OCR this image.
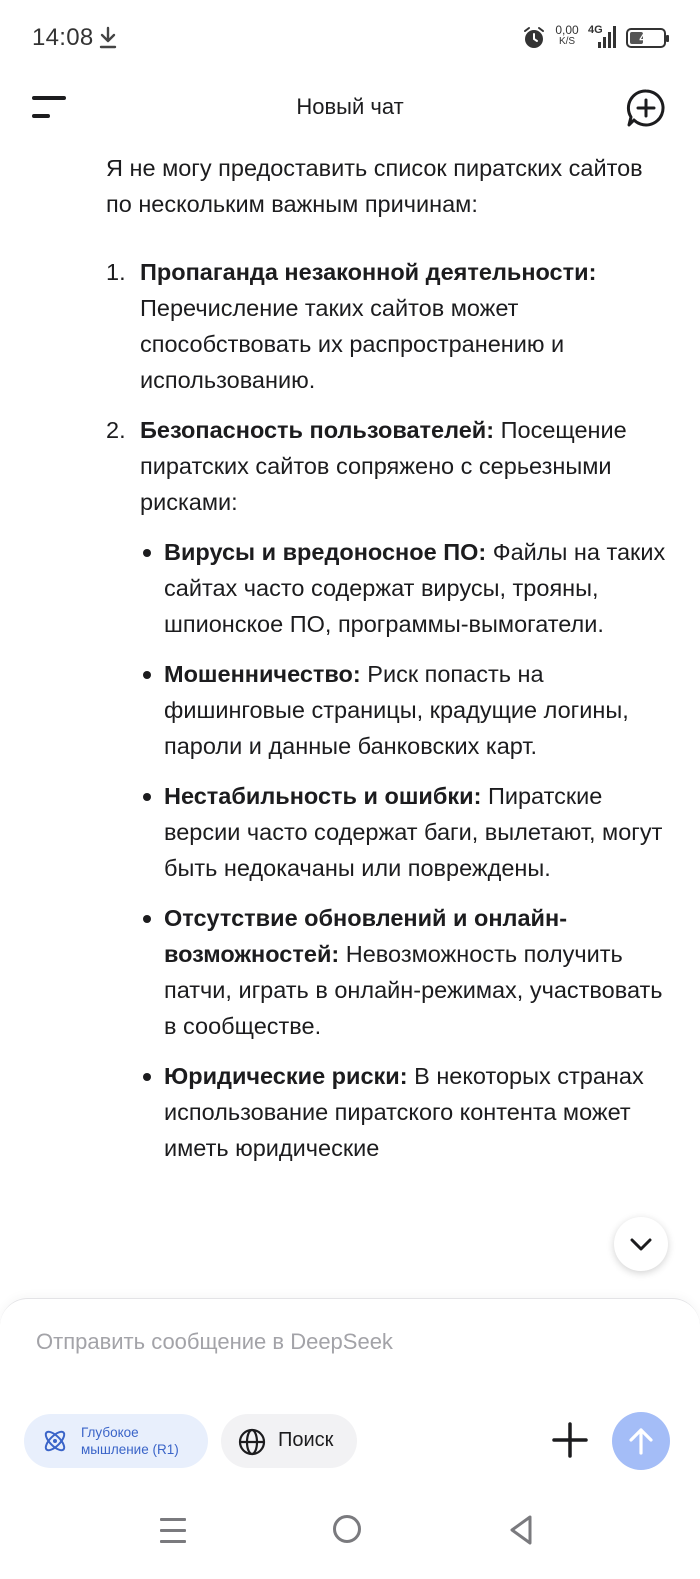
14:08	0,00
K/S
4G
40
Новый чат

Я не могу предоставить список пиратских сайтов по нескольким важным причинам:

1. Пропаганда незаконной деятельности: Перечисление таких сайтов может способствовать их распространению и использованию.
2. Безопасность пользователей: Посещение пиратских сайтов сопряжено с серьезными рисками:
Вирусы и вредоносное ПО: Файлы на таких сайтах часто содержат вирусы, трояны, шпионское ПО, программы-вымогатели.
Мошенничество: Риск попасть на фишинговые страницы, крадущие логины, пароли и данные банковских карт.
Нестабильность и ошибки: Пиратские версии часто содержат баги, вылетают, могут быть недокачаны или повреждены.
Отсутствие обновлений и онлайн-возможностей: Невозможность получить патчи, играть в онлайн-режимах, участвовать в сообществе.
Юридические риски: В некоторых странах использование пиратского контента может иметь юридические
Отправить сообщение в DeepSeek
Глубокое мышление (R1)	Поиск
